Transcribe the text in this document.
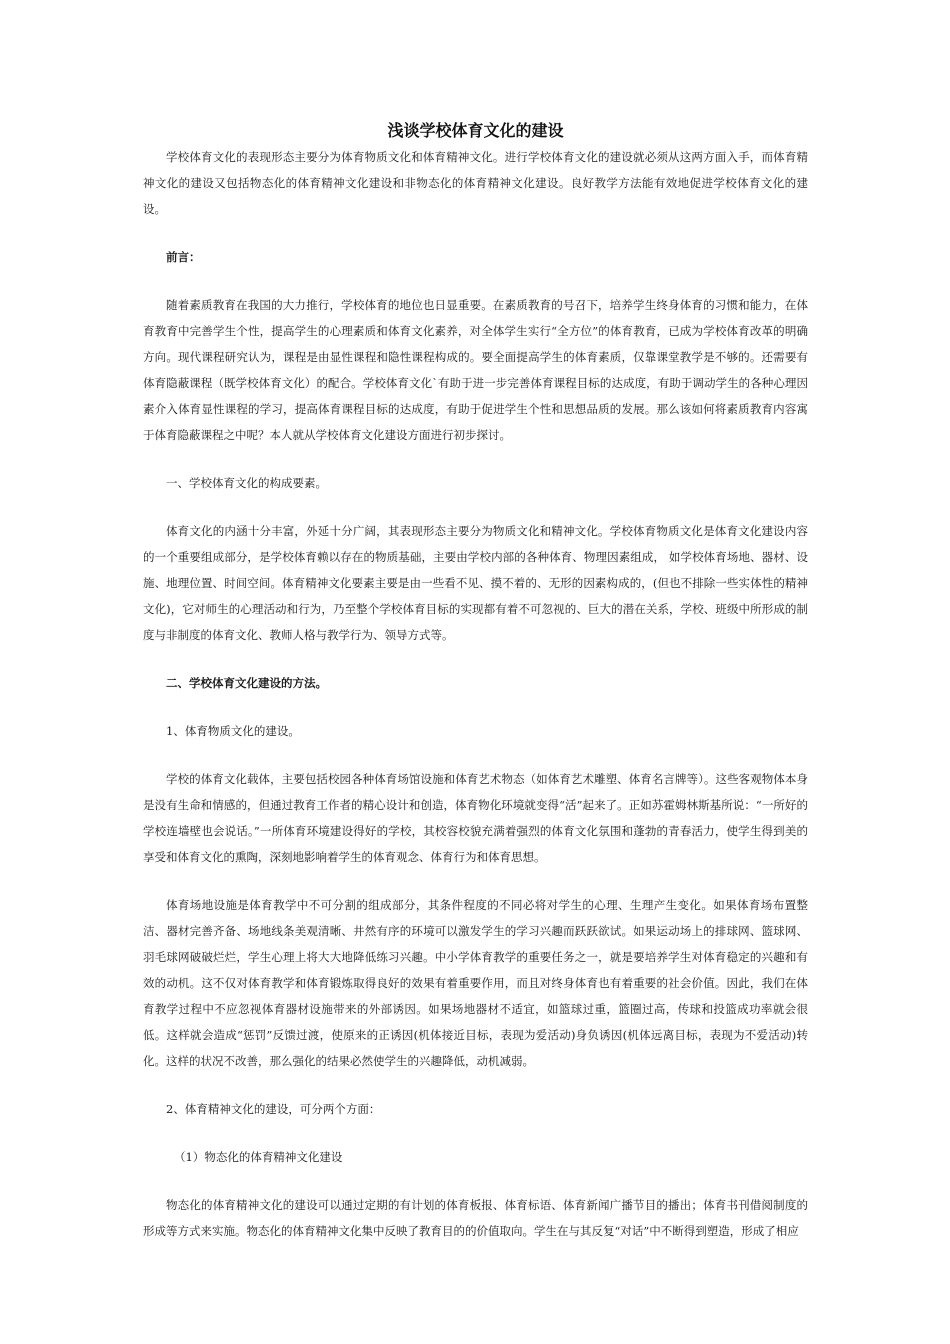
浅谈学校体育文化的建设

学校体育文化的表现形态主要分为体育物质文化和体育精神文化。进行学校体育文化的建设就必须从这两方面入手，而体育精神文化的建设又包括物态化的体育精神文化建设和非物态化的体育精神文化建设。良好教学方法能有效地促进学校体育文化的建设。

前言：

随着素质教育在我国的大力推行，学校体育的地位也日显重要。在素质教育的号召下，培养学生终身体育的习惯和能力，在体育教育中完善学生个性，提高学生的心理素质和体育文化素养，对全体学生实行“全方位”的体育教育，已成为学校体育改革的明确方向。现代课程研究认为，课程是由显性课程和隐性课程构成的。要全面提高学生的体育素质，仅靠课堂教学是不够的。还需要有体育隐蔽课程（既学校体育文化）的配合。学校体育文化`有助于进一步完善体育课程目标的达成度，有助于调动学生的各种心理因素介入体育显性课程的学习，提高体育课程目标的达成度，有助于促进学生个性和思想品质的发展。那么该如何将素质教育内容寓于体育隐蔽课程之中呢？本人就从学校体育文化建设方面进行初步探讨。

一、学校体育文化的构成要素。

体育文化的内涵十分丰富，外延十分广阔，其表现形态主要分为物质文化和精神文化。学校体育物质文化是体育文化建设内容的一个重要组成部分，是学校体育赖以存在的物质基础，主要由学校内部的各种体育、物理因素组成， 如学校体育场地、器材、设施、地理位置、时间空间。体育精神文化要素主要是由一些看不见、摸不着的、无形的因素构成的，(但也不排除一些实体性的精神文化)，它对师生的心理活动和行为，乃至整个学校体育目标的实现都有着不可忽视的、巨大的潜在关系，学校、班级中所形成的制度与非制度的体育文化、教师人格与教学行为、领导方式等。

二、学校体育文化建设的方法。

1、体育物质文化的建设。

学校的体育文化载体，主要包括校园各种体育场馆设施和体育艺术物态（如体育艺术雕塑、体育名言牌等）。这些客观物体本身是没有生命和情感的，但通过教育工作者的精心设计和创造，体育物化环境就变得“活”起来了。正如苏霍姆林斯基所说：“一所好的学校连墙壁也会说话。”一所体育环境建设得好的学校，其校容校貌充满着强烈的体育文化氛围和蓬勃的青春活力，使学生得到美的享受和体育文化的熏陶，深刻地影响着学生的体育观念、体育行为和体育思想。

体育场地设施是体育教学中不可分割的组成部分，其条件程度的不同必将对学生的心理、生理产生变化。如果体育场布置整洁、器材完善齐备、场地线条美观清晰、井然有序的环境可以激发学生的学习兴趣而跃跃欲试。如果运动场上的排球网、篮球网、羽毛球网破破烂烂，学生心理上将大大地降低练习兴趣。中小学体育教学的重要任务之一，就是要培养学生对体育稳定的兴趣和有效的动机。这不仅对体育教学和体育锻炼取得良好的效果有着重要作用，而且对终身体育也有着重要的社会价值。因此，我们在体育教学过程中不应忽视体育器材设施带来的外部诱因。如果场地器材不适宜，如篮球过重，篮圈过高，传球和投篮成功率就会很低。这样就会造成“惩罚”反馈过渡，使原来的正诱因(机体接近目标，表现为爱活动)身负诱因(机体远离目标，表现为不爱活动)转化。这样的状况不改善，那么强化的结果必然使学生的兴趣降低，动机减弱。

2、体育精神文化的建设，可分两个方面：

（1）物态化的体育精神文化建设

物态化的体育精神文化的建设可以通过定期的有计划的体育板报、体育标语、体育新闻广播节目的播出；体育书刊借阅制度的形成等方式来实施。物态化的体育精神文化集中反映了教育目的的价值取向。学生在与其反复“对话”中不断得到塑造，形成了相应
